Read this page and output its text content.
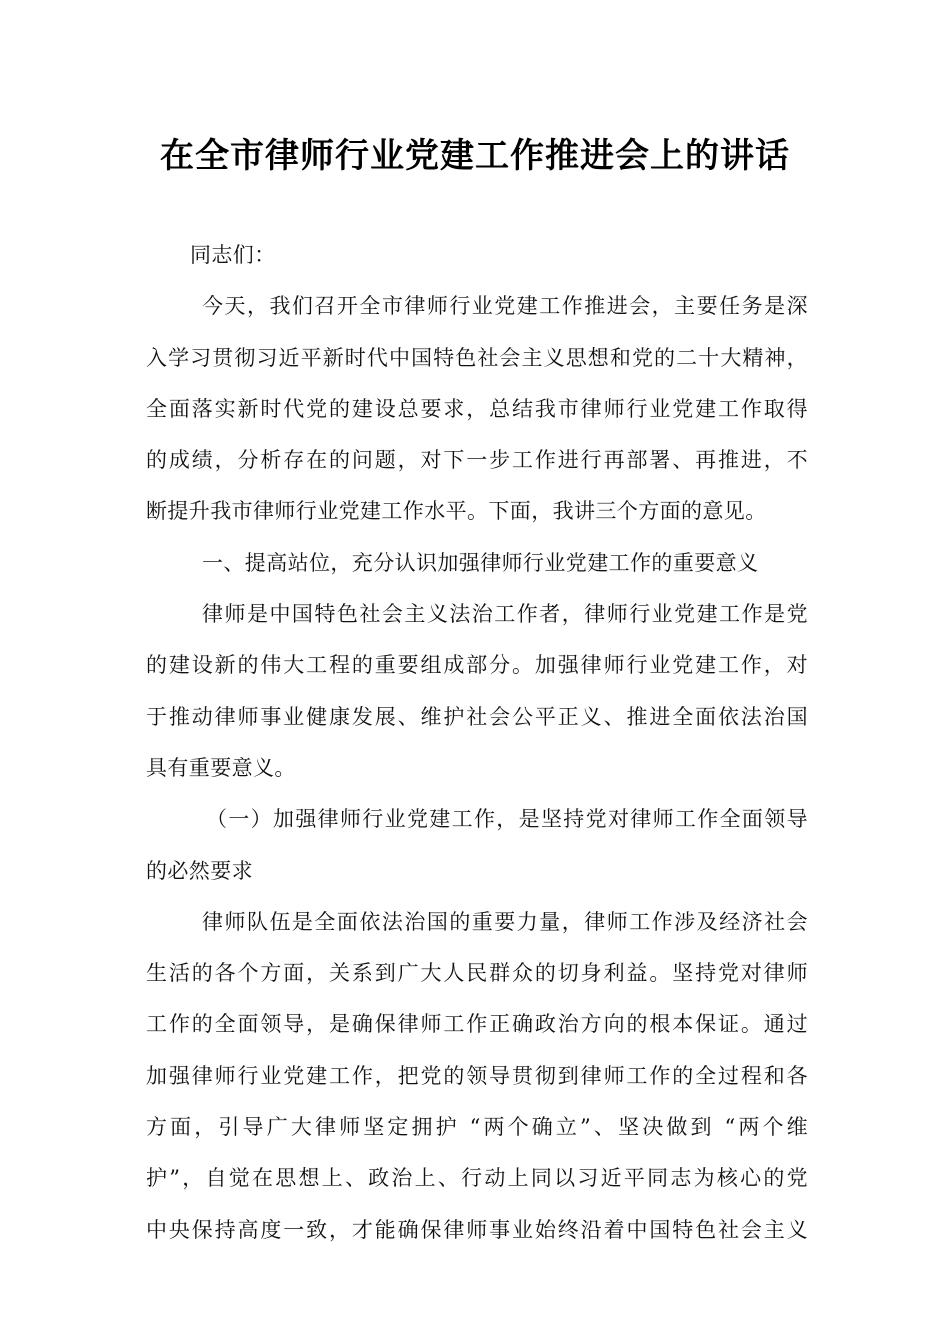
在全市律师行业党建工作推进会上的讲话
同志们：
今天，我们召开全市律师行业党建工作推进会，主要任务是深
入学习贯彻习近平新时代中国特色社会主义思想和党的二十大精神，
全面落实新时代党的建设总要求，总结我市律师行业党建工作取得
的成绩，分析存在的问题，对下一步工作进行再部署、再推进，不
断提升我市律师行业党建工作水平。下面，我讲三个方面的意见。
一、提高站位，充分认识加强律师行业党建工作的重要意义
律师是中国特色社会主义法治工作者，律师行业党建工作是党
的建设新的伟大工程的重要组成部分。加强律师行业党建工作，对
于推动律师事业健康发展、维护社会公平正义、推进全面依法治国
具有重要意义。
（一）加强律师行业党建工作，是坚持党对律师工作全面领导
的必然要求
律师队伍是全面依法治国的重要力量，律师工作涉及经济社会
生活的各个方面，关系到广大人民群众的切身利益。坚持党对律师
工作的全面领导，是确保律师工作正确政治方向的根本保证。通过
加强律师行业党建工作，把党的领导贯彻到律师工作的全过程和各
方面，引导广大律师坚定拥护 “两个确立”、坚决做到 “两个维
护”，自觉在思想上、政治上、行动上同以习近平同志为核心的党
中央保持高度一致，才能确保律师事业始终沿着中国特色社会主义
